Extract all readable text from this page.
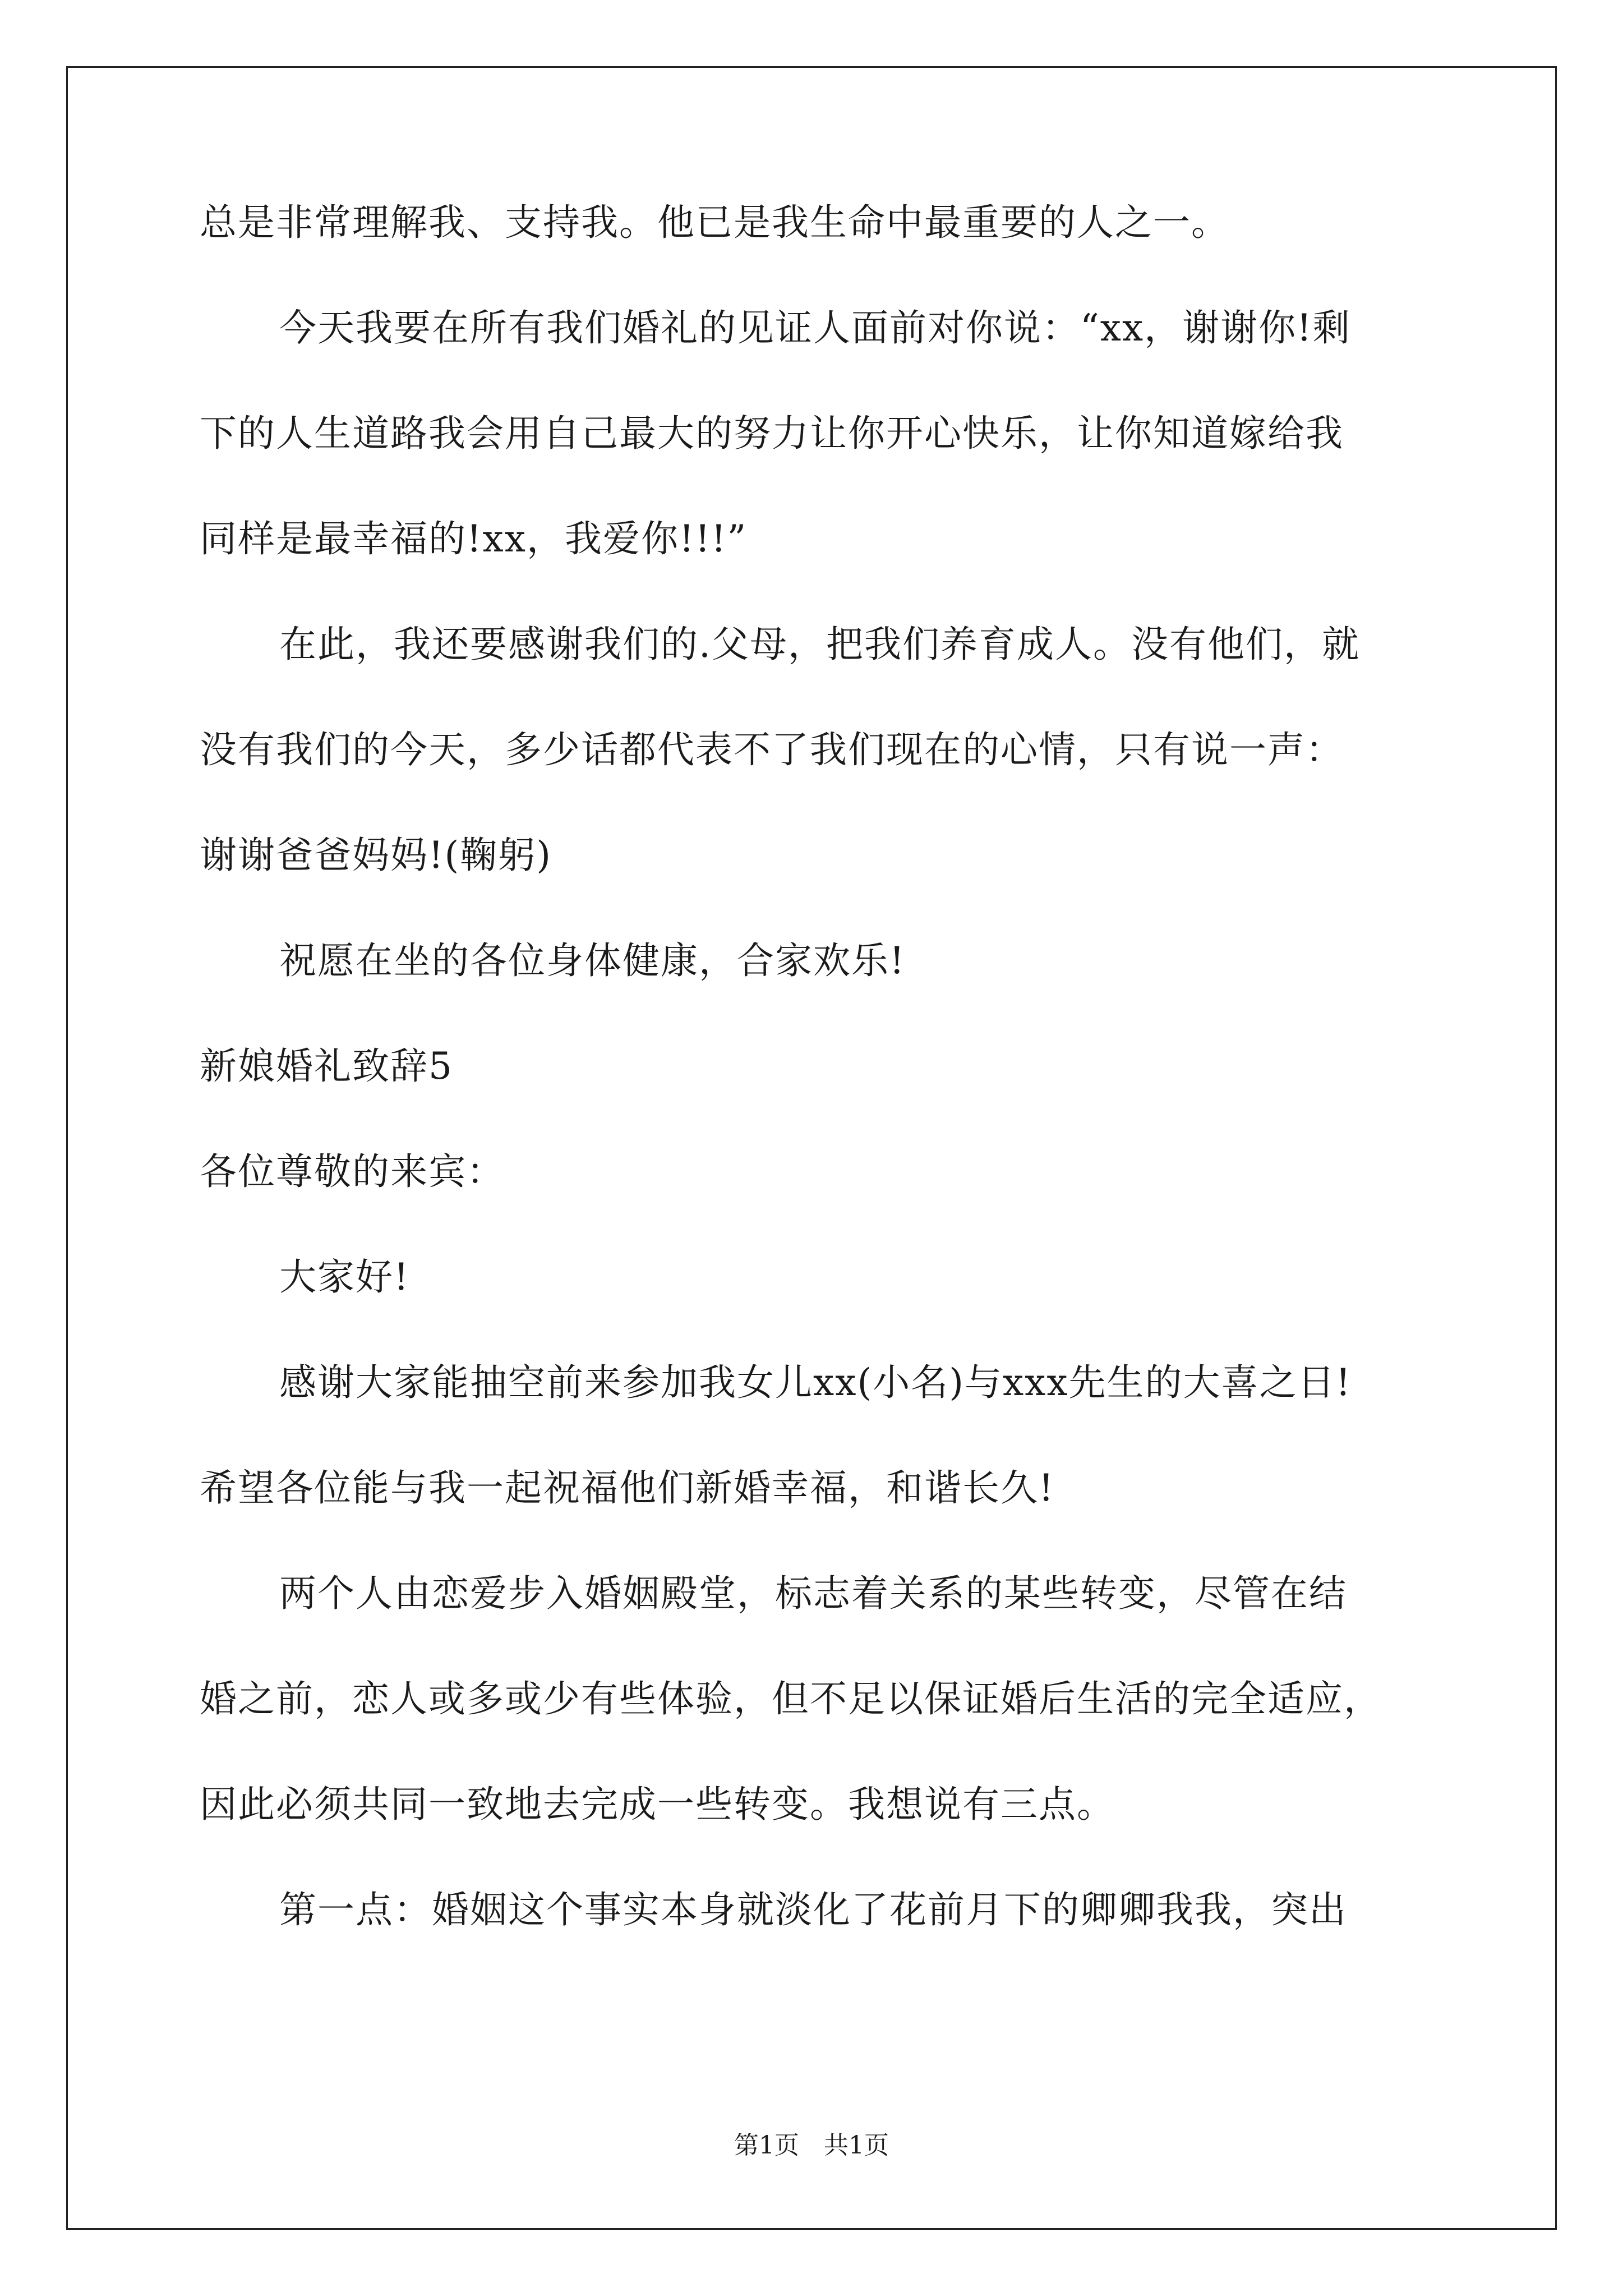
总是非常理解我、支持我。他已是我生命中最重要的人之一。
今天我要在所有我们婚礼的见证人面前对你说：“xx，谢谢你!剩
下的人生道路我会用自己最大的努力让你开心快乐，让你知道嫁给我
同样是最幸福的!xx，我爱你!!!”
在此，我还要感谢我们的.父母，把我们养育成人。没有他们，就
没有我们的今天，多少话都代表不了我们现在的心情，只有说一声：
谢谢爸爸妈妈!(鞠躬)
祝愿在坐的各位身体健康，合家欢乐!
新娘婚礼致辞5
各位尊敬的来宾：
大家好!
感谢大家能抽空前来参加我女儿xx(小名)与xxx先生的大喜之日!
希望各位能与我一起祝福他们新婚幸福，和谐长久!
两个人由恋爱步入婚姻殿堂，标志着关系的某些转变，尽管在结
婚之前，恋人或多或少有些体验，但不足以保证婚后生活的完全适应，
因此必须共同一致地去完成一些转变。我想说有三点。
第一点：婚姻这个事实本身就淡化了花前月下的卿卿我我，突出
第1页　共1页
